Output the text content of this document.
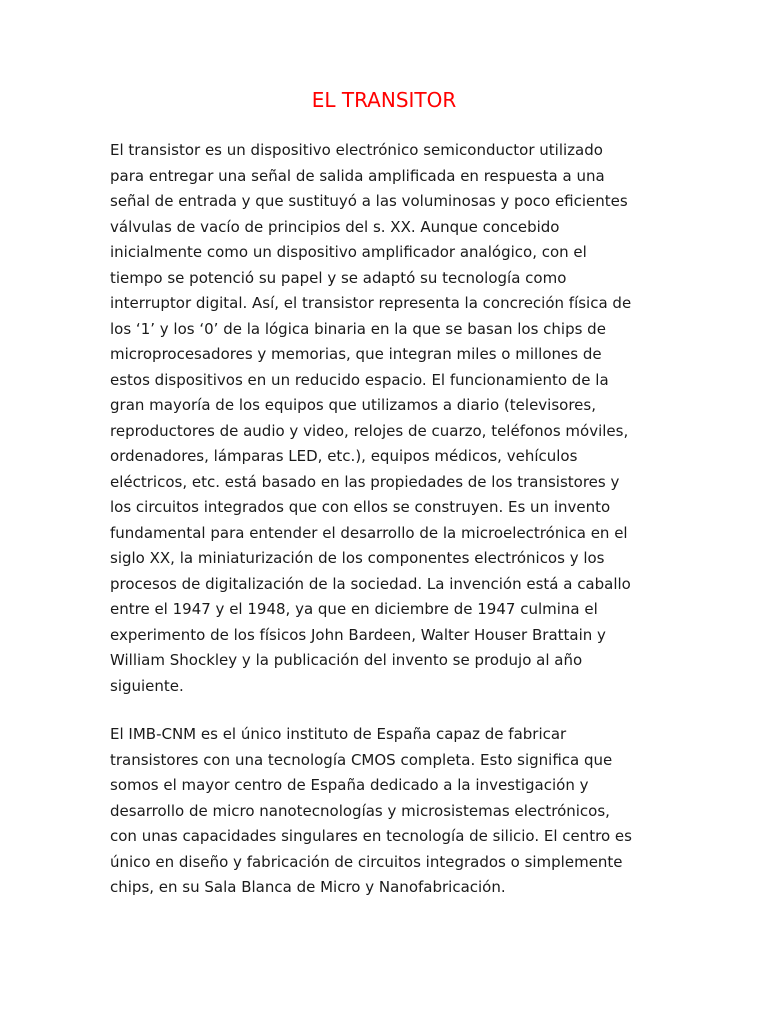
EL TRANSITOR

El transistor es un dispositivo electrónico semiconductor utilizado
para entregar una señal de salida amplificada en respuesta a una
señal de entrada y que sustituyó a las voluminosas y poco eficientes
válvulas de vacío de principios del s. XX. Aunque concebido
inicialmente como un dispositivo amplificador analógico, con el
tiempo se potenció su papel y se adaptó su tecnología como
interruptor digital. Así, el transistor representa la concreción física de
los ‘1’ y los ‘0’ de la lógica binaria en la que se basan los chips de
microprocesadores y memorias, que integran miles o millones de
estos dispositivos en un reducido espacio. El funcionamiento de la
gran mayoría de los equipos que utilizamos a diario (televisores,
reproductores de audio y video, relojes de cuarzo, teléfonos móviles,
ordenadores, lámparas LED, etc.), equipos médicos, vehículos
eléctricos, etc. está basado en las propiedades de los transistores y
los circuitos integrados que con ellos se construyen. Es un invento
fundamental para entender el desarrollo de la microelectrónica en el
siglo XX, la miniaturización de los componentes electrónicos y los
procesos de digitalización de la sociedad. La invención está a caballo
entre el 1947 y el 1948, ya que en diciembre de 1947 culmina el
experimento de los físicos John Bardeen, Walter Houser Brattain y
William Shockley y la publicación del invento se produjo al año
siguiente.

El IMB-CNM es el único instituto de España capaz de fabricar
transistores con una tecnología CMOS completa. Esto significa que
somos el mayor centro de España dedicado a la investigación y
desarrollo de micro nanotecnologías y microsistemas electrónicos,
con unas capacidades singulares en tecnología de silicio. El centro es
único en diseño y fabricación de circuitos integrados o simplemente
chips, en su Sala Blanca de Micro y Nanofabricación.
